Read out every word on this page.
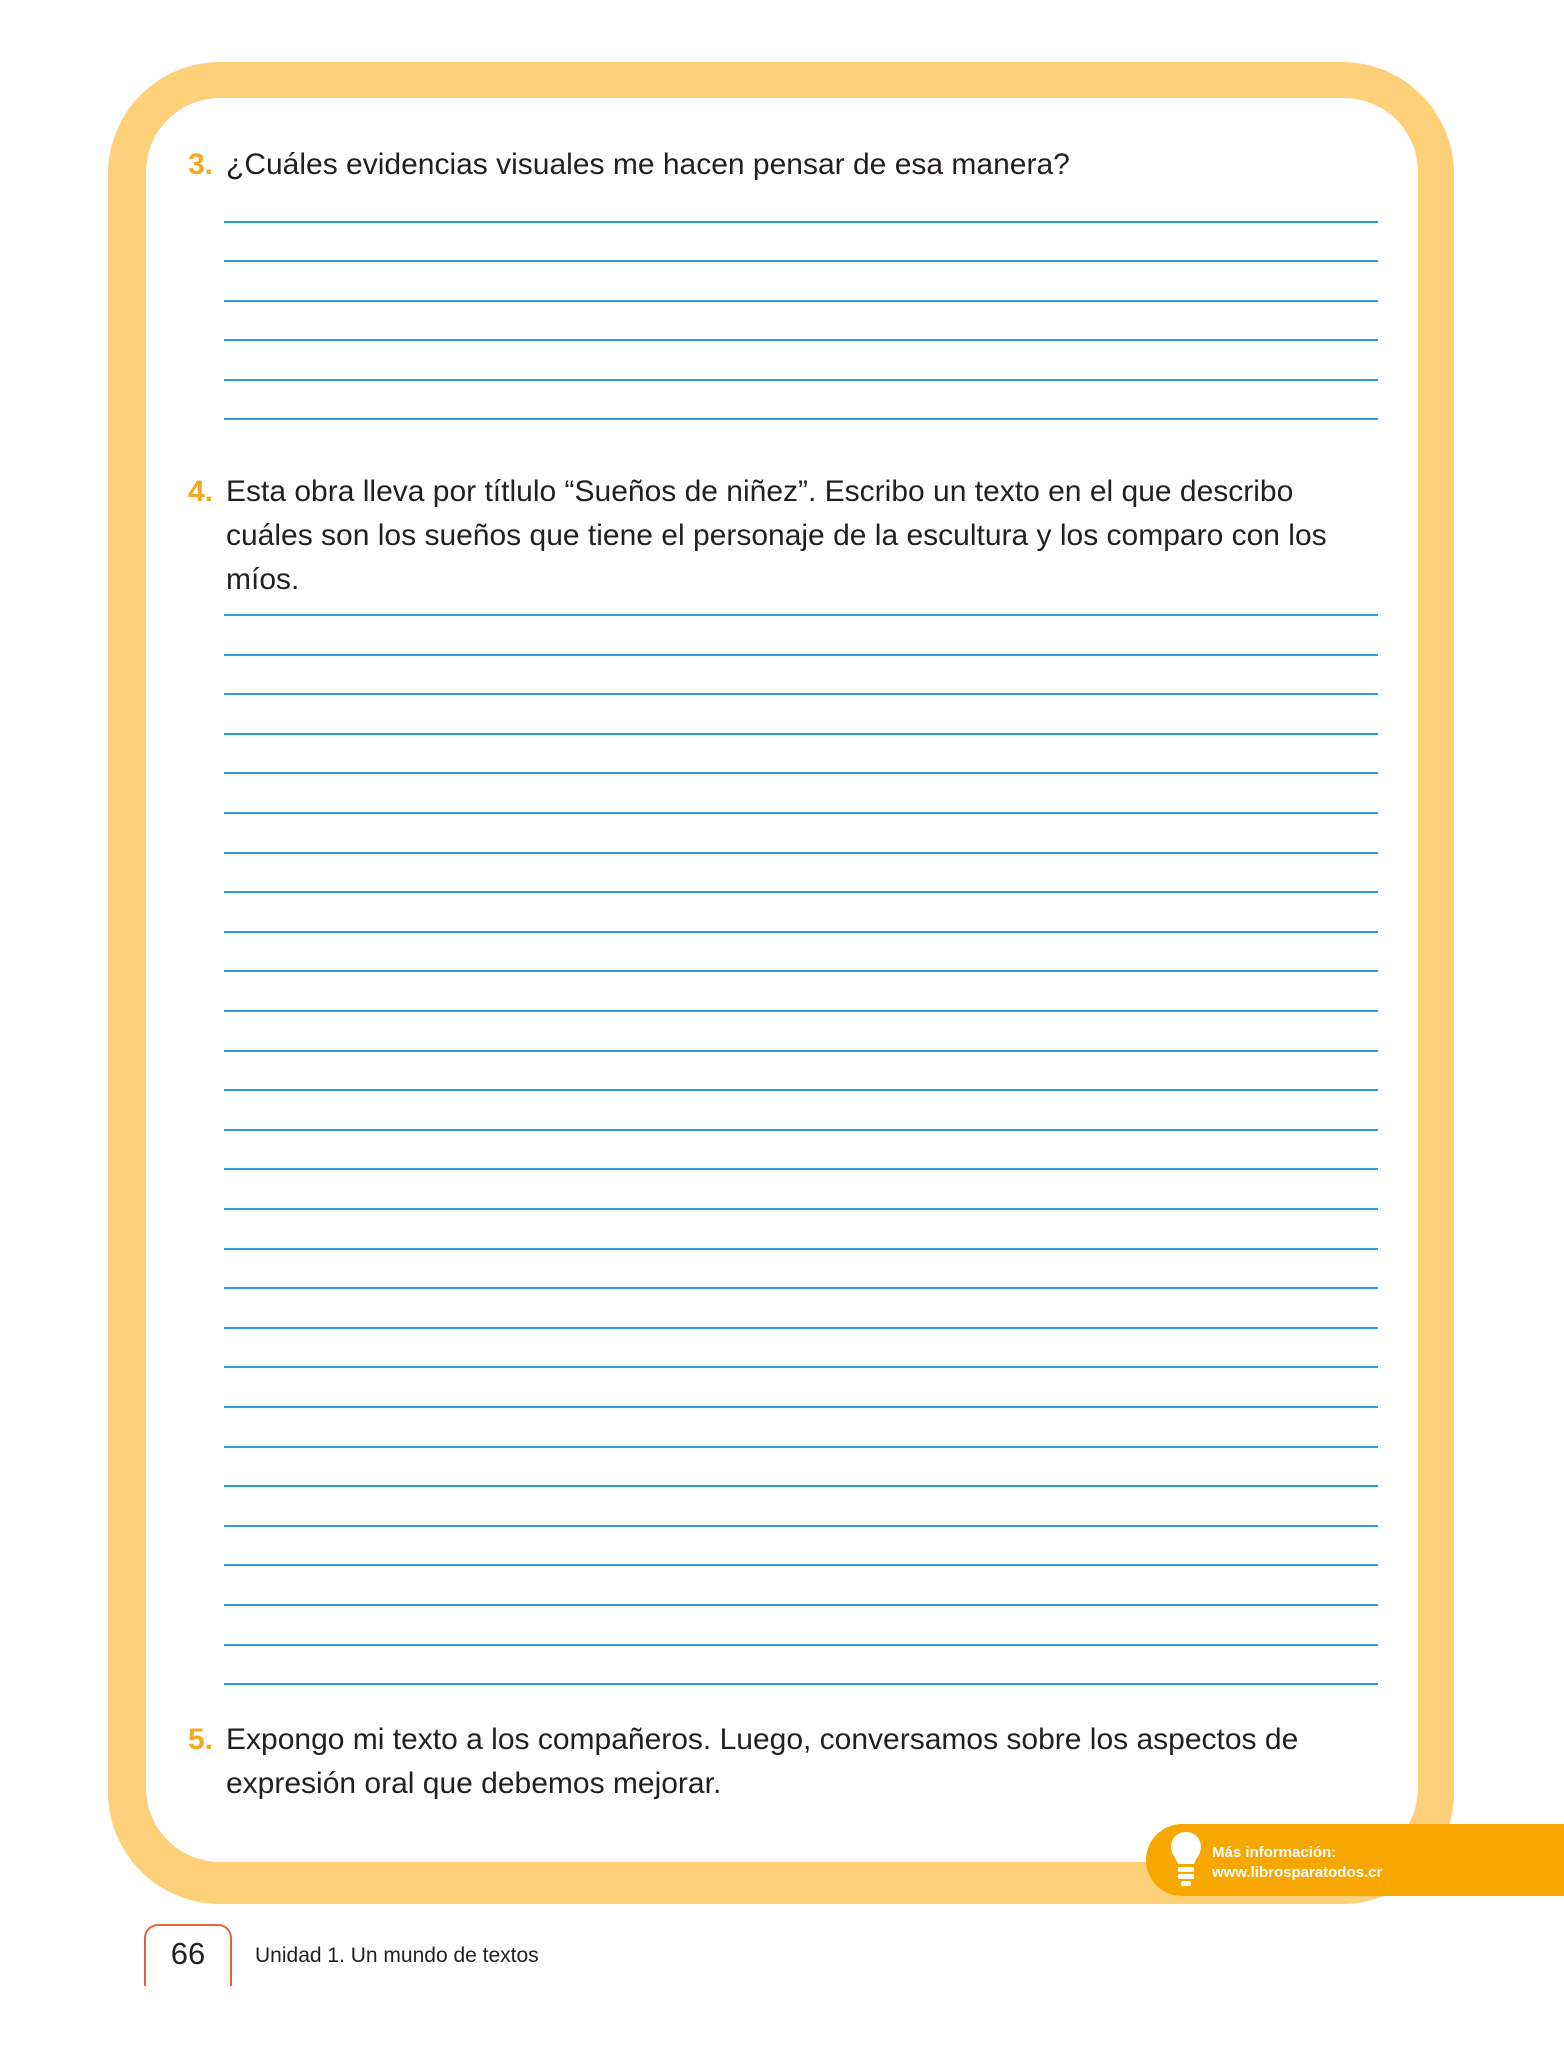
3. ¿Cuáles evidencias visuales me hacen pensar de esa manera?
4. Esta obra lleva por títlulo “Sueños de niñez”. Escribo un texto en el que describo cuáles son los sueños que tiene el personaje de la escultura y los comparo con los míos.
5. Expongo mi texto a los compañeros. Luego, conversamos sobre los aspectos de expresión oral que debemos mejorar.
Más información:
www.librosparatodos.cr
66	Unidad 1. Un mundo de textos
